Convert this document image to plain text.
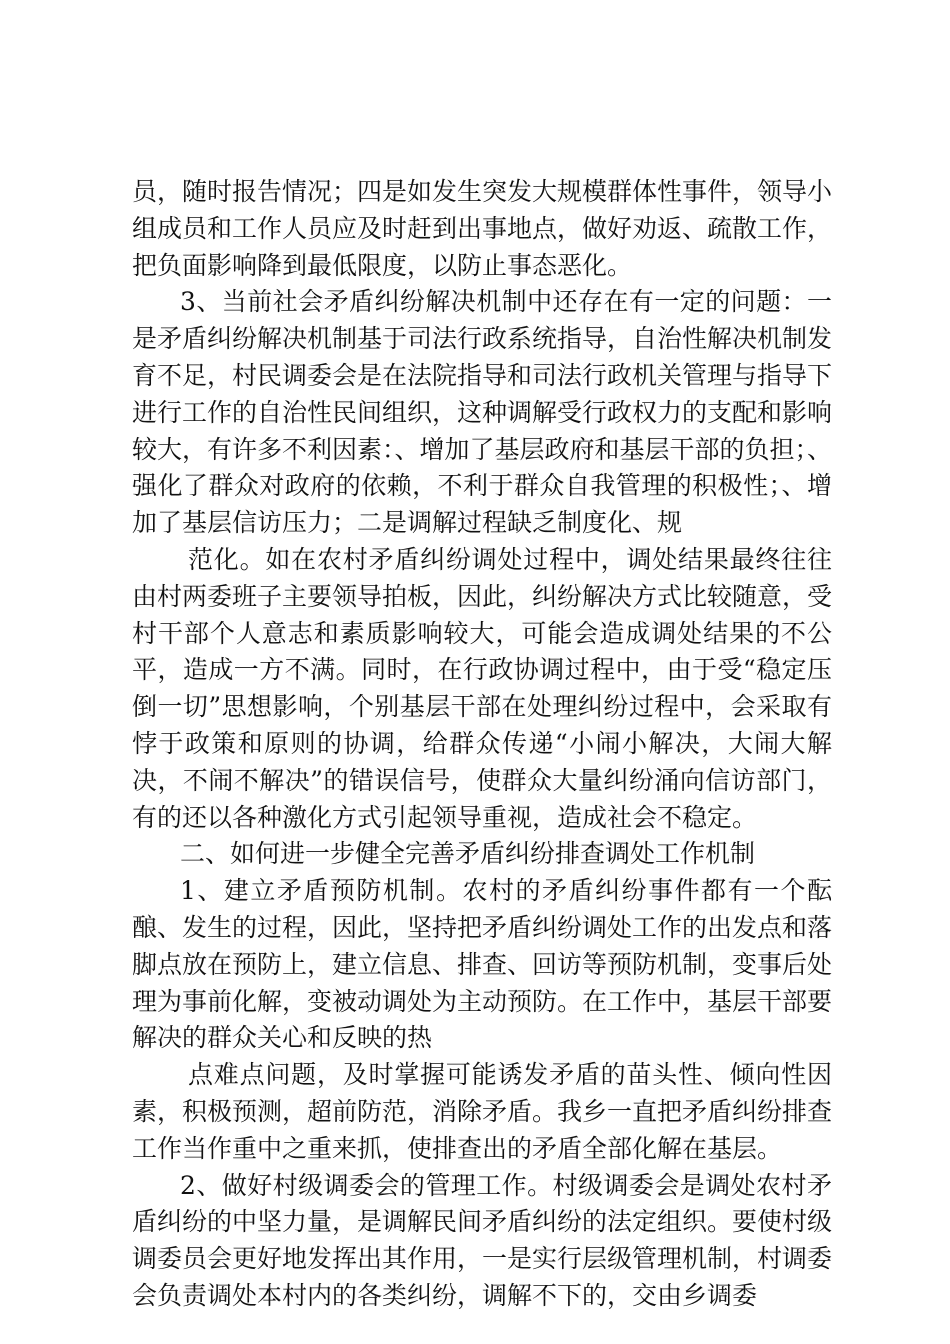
员，随时报告情况；四是如发生突发大规模群体性事件，领导小组成员和工作人员应及时赶到出事地点，做好劝返、疏散工作，把负面影响降到最低限度，以防止事态恶化。

3、当前社会矛盾纠纷解决机制中还存在有一定的问题：一是矛盾纠纷解决机制基于司法行政系统指导，自治性解决机制发育不足，村民调委会是在法院指导和司法行政机关管理与指导下进行工作的自治性民间组织，这种调解受行政权力的支配和影响较大，有许多不利因素：、增加了基层政府和基层干部的负担；、强化了群众对政府的依赖，不利于群众自我管理的积极性；、增加了基层信访压力；二是调解过程缺乏制度化、规

范化。如在农村矛盾纠纷调处过程中，调处结果最终往往由村两委班子主要领导拍板，因此，纠纷解决方式比较随意，受村干部个人意志和素质影响较大，可能会造成调处结果的不公平，造成一方不满。同时，在行政协调过程中，由于受“稳定压倒一切”思想影响，个别基层干部在处理纠纷过程中，会采取有悖于政策和原则的协调，给群众传递“小闹小解决，大闹大解决，不闹不解决”的错误信号，使群众大量纠纷涌向信访部门，有的还以各种激化方式引起领导重视，造成社会不稳定。

二、如何进一步健全完善矛盾纠纷排查调处工作机制

1、建立矛盾预防机制。农村的矛盾纠纷事件都有一个酝酿、发生的过程，因此，坚持把矛盾纠纷调处工作的出发点和落脚点放在预防上，建立信息、排查、回访等预防机制，变事后处理为事前化解，变被动调处为主动预防。在工作中，基层干部要解决的群众关心和反映的热

点难点问题，及时掌握可能诱发矛盾的苗头性、倾向性因素，积极预测，超前防范，消除矛盾。我乡一直把矛盾纠纷排查工作当作重中之重来抓，使排查出的矛盾全部化解在基层。

2、做好村级调委会的管理工作。村级调委会是调处农村矛盾纠纷的中坚力量，是调解民间矛盾纠纷的法定组织。要使村级调委员会更好地发挥出其作用，一是实行层级管理机制，村调委会负责调处本村内的各类纠纷，调解不下的，交由乡调委
